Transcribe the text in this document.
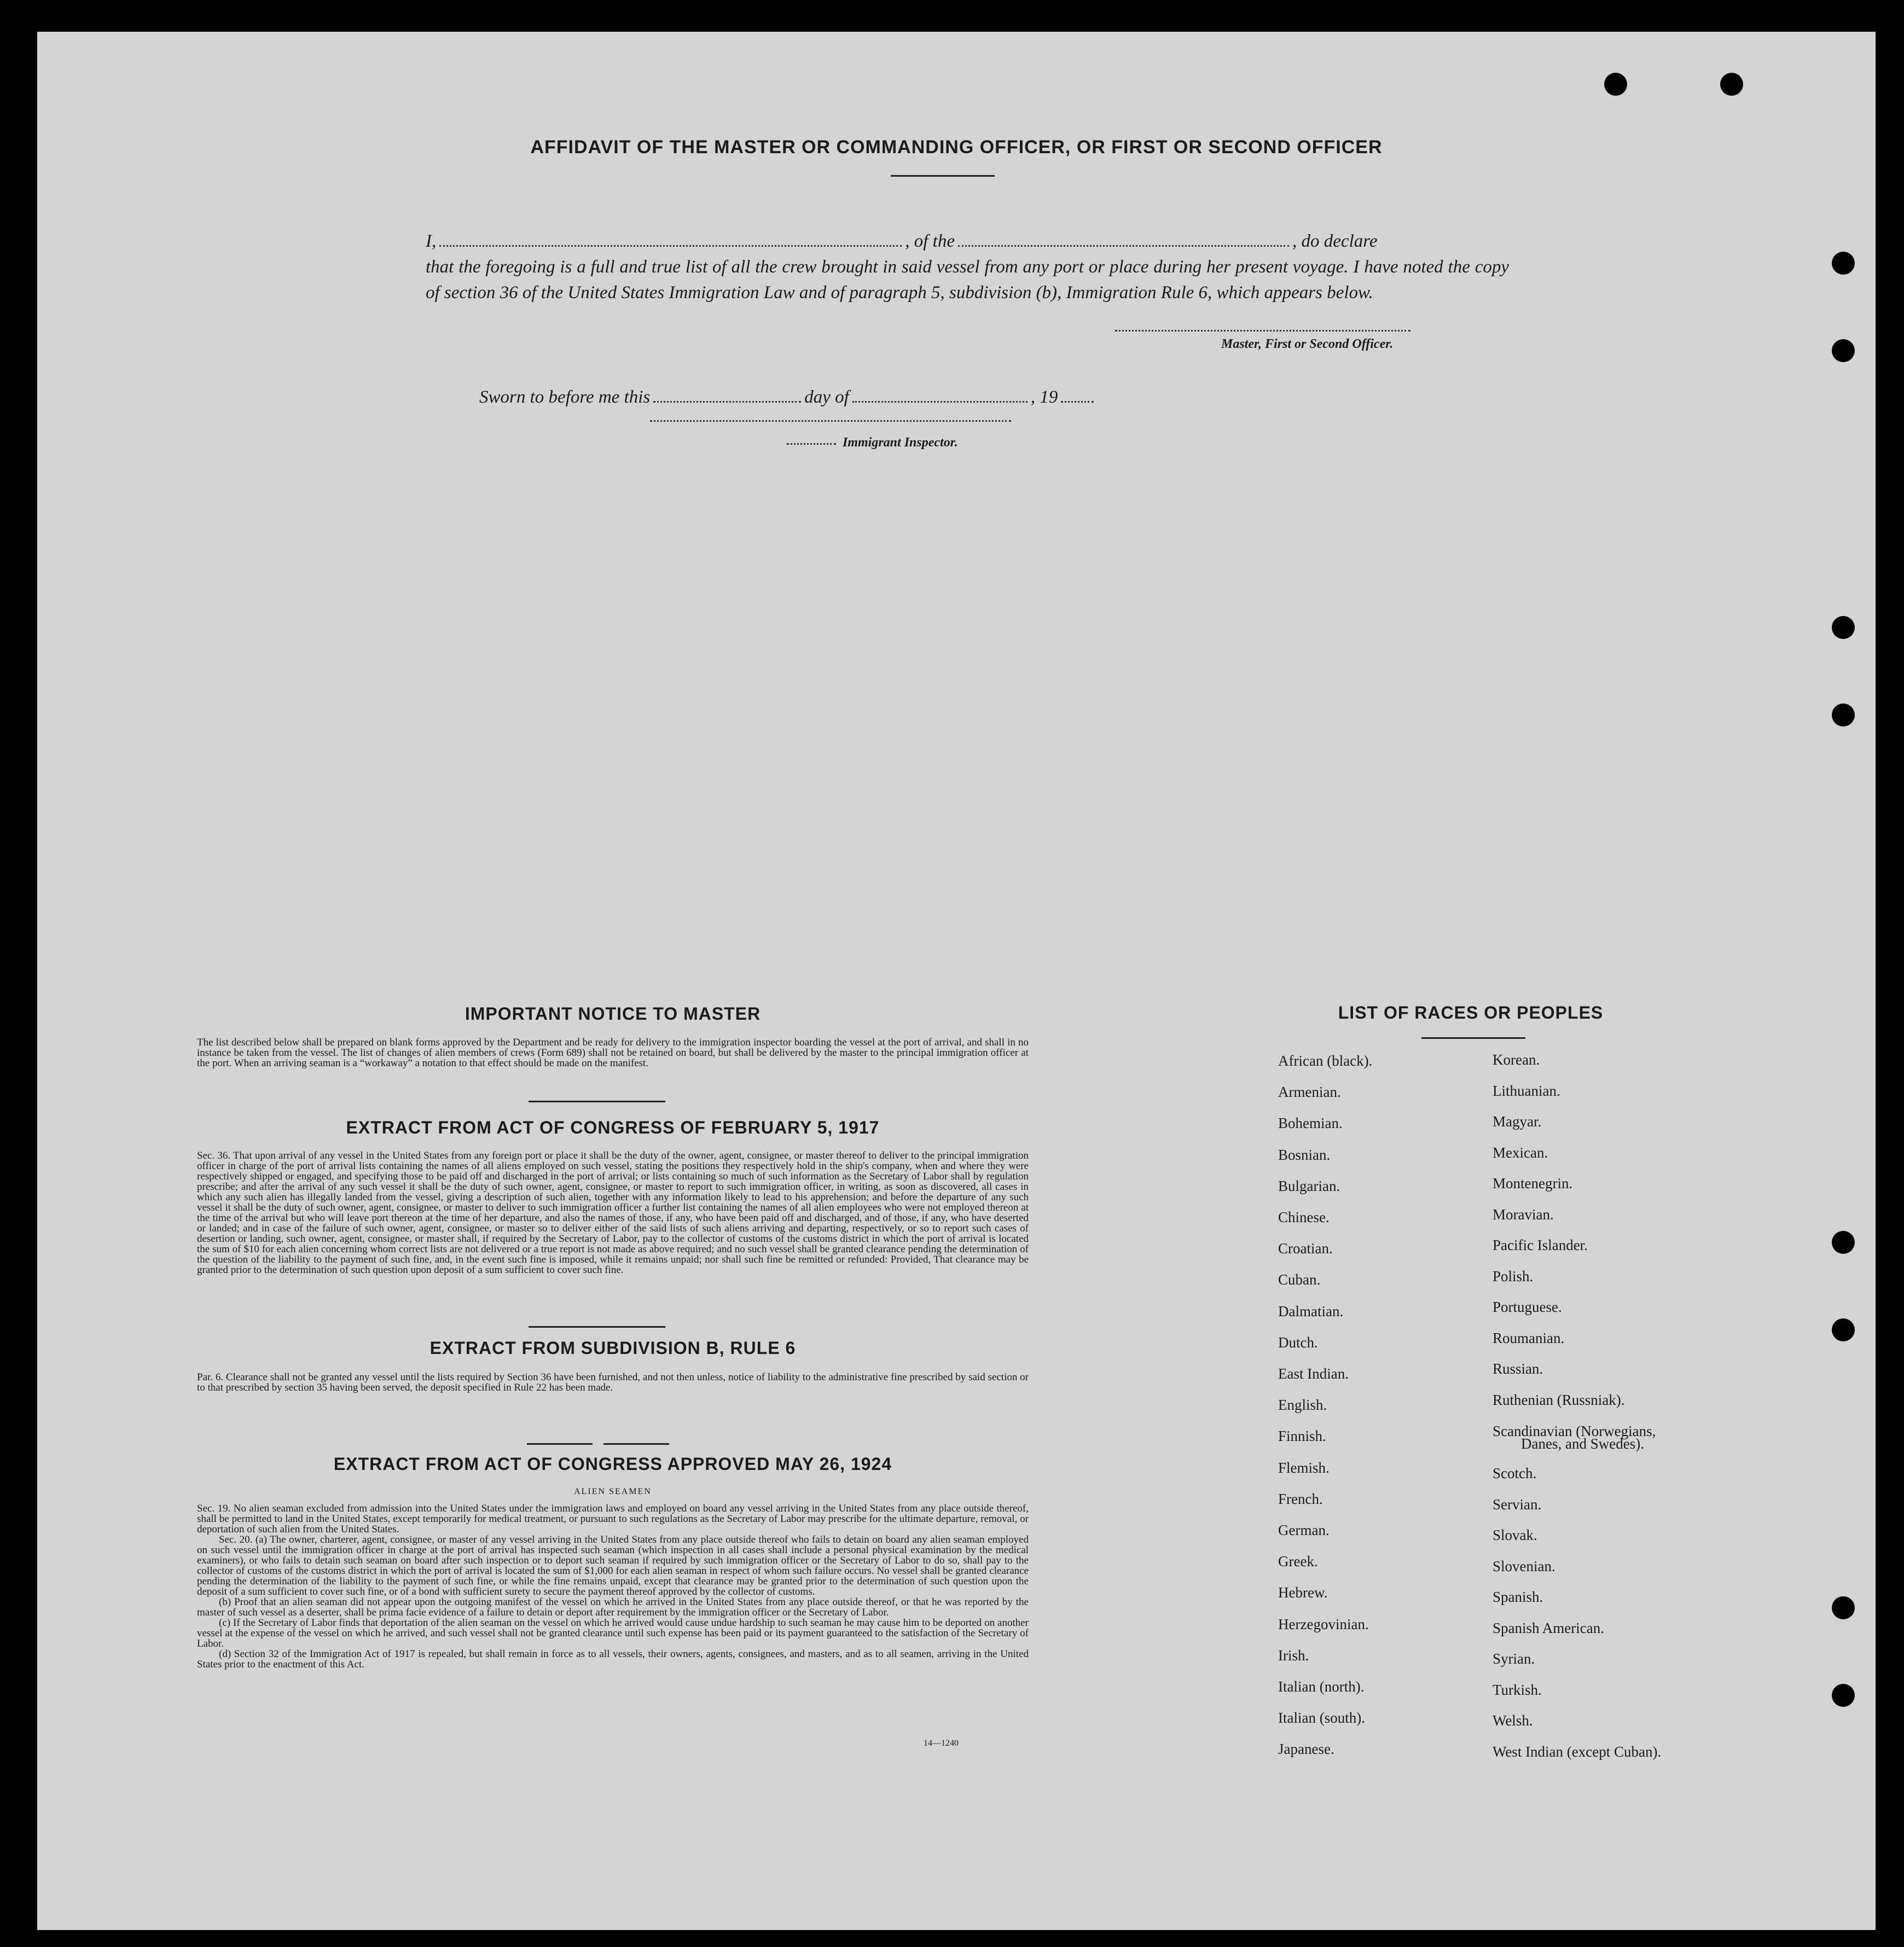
AFFIDAVIT OF THE MASTER OR COMMANDING OFFICER, OR FIRST OR SECOND OFFICER
I,	, of the	, do declare
that the foregoing is a full and true list of all the crew brought in said vessel from any port or place during her present voyage. I have noted the copy of section 36 of the United States Immigration Law and of paragraph 5, subdivision (b), Immigration Rule 6, which appears below.
Master, First or Second Officer.
Sworn to before me this	day of	, 19
Immigrant Inspector.
IMPORTANT NOTICE TO MASTER
The list described below shall be prepared on blank forms approved by the Department and be ready for delivery to the immigration inspector boarding the vessel at the port of arrival, and shall in no instance be taken from the vessel. The list of changes of alien members of crews (Form 689) shall not be retained on board, but shall be delivered by the master to the principal immigration officer at the port. When an arriving seaman is a “workaway” a notation to that effect should be made on the manifest.
EXTRACT FROM ACT OF CONGRESS OF FEBRUARY 5, 1917
Sec. 36. That upon arrival of any vessel in the United States from any foreign port or place it shall be the duty of the owner, agent, consignee, or master thereof to deliver to the principal immigration officer in charge of the port of arrival lists containing the names of all aliens employed on such vessel, stating the positions they respectively hold in the ship's company, when and where they were respectively shipped or engaged, and specifying those to be paid off and discharged in the port of arrival; or lists containing so much of such information as the Secretary of Labor shall by regulation prescribe; and after the arrival of any such vessel it shall be the duty of such owner, agent, consignee, or master to report to such immigration officer, in writing, as soon as discovered, all cases in which any such alien has illegally landed from the vessel, giving a description of such alien, together with any information likely to lead to his apprehension; and before the departure of any such vessel it shall be the duty of such owner, agent, consignee, or master to deliver to such immigration officer a further list containing the names of all alien employees who were not employed thereon at the time of the arrival but who will leave port thereon at the time of her departure, and also the names of those, if any, who have been paid off and discharged, and of those, if any, who have deserted or landed; and in case of the failure of such owner, agent, consignee, or master so to deliver either of the said lists of such aliens arriving and departing, respectively, or so to report such cases of desertion or landing, such owner, agent, consignee, or master shall, if required by the Secretary of Labor, pay to the collector of customs of the customs district in which the port of arrival is located the sum of $10 for each alien concerning whom correct lists are not delivered or a true report is not made as above required; and no such vessel shall be granted clearance pending the determination of the question of the liability to the payment of such fine, and, in the event such fine is imposed, while it remains unpaid; nor shall such fine be remitted or refunded: Provided, That clearance may be granted prior to the determination of such question upon deposit of a sum sufficient to cover such fine.
EXTRACT FROM SUBDIVISION B, RULE 6
Par. 6. Clearance shall not be granted any vessel until the lists required by Section 36 have been furnished, and not then unless, notice of liability to the administrative fine prescribed by said section or to that prescribed by section 35 having been served, the deposit specified in Rule 22 has been made.
EXTRACT FROM ACT OF CONGRESS APPROVED MAY 26, 1924
ALIEN SEAMEN
Sec. 19. No alien seaman excluded from admission into the United States under the immigration laws and employed on board any vessel arriving in the United States from any place outside thereof, shall be permitted to land in the United States, except temporarily for medical treatment, or pursuant to such regulations as the Secretary of Labor may prescribe for the ultimate departure, removal, or deportation of such alien from the United States.
Sec. 20. (a) The owner, charterer, agent, consignee, or master of any vessel arriving in the United States from any place outside thereof who fails to detain on board any alien seaman employed on such vessel until the immigration officer in charge at the port of arrival has inspected such seaman (which inspection in all cases shall include a personal physical examination by the medical examiners), or who fails to detain such seaman on board after such inspection or to deport such seaman if required by such immigration officer or the Secretary of Labor to do so, shall pay to the collector of customs of the customs district in which the port of arrival is located the sum of $1,000 for each alien seaman in respect of whom such failure occurs. No vessel shall be granted clearance pending the determination of the liability to the payment of such fine, or while the fine remains unpaid, except that clearance may be granted prior to the determination of such question upon the deposit of a sum sufficient to cover such fine, or of a bond with sufficient surety to secure the payment thereof approved by the collector of customs.
(b) Proof that an alien seaman did not appear upon the outgoing manifest of the vessel on which he arrived in the United States from any place outside thereof, or that he was reported by the master of such vessel as a deserter, shall be prima facie evidence of a failure to detain or deport after requirement by the immigration officer or the Secretary of Labor.
(c) If the Secretary of Labor finds that deportation of the alien seaman on the vessel on which he arrived would cause undue hardship to such seaman he may cause him to be deported on another vessel at the expense of the vessel on which he arrived, and such vessel shall not be granted clearance until such expense has been paid or its payment guaranteed to the satisfaction of the Secretary of Labor.
(d) Section 32 of the Immigration Act of 1917 is repealed, but shall remain in force as to all vessels, their owners, agents, consignees, and masters, and as to all seamen, arriving in the United States prior to the enactment of this Act.
14—1240
LIST OF RACES OR PEOPLES
African (black).
Armenian.
Bohemian.
Bosnian.
Bulgarian.
Chinese.
Croatian.
Cuban.
Dalmatian.
Dutch.
East Indian.
English.
Finnish.
Flemish.
French.
German.
Greek.
Hebrew.
Herzegovinian.
Irish.
Italian (north).
Italian (south).
Japanese.
Korean.
Lithuanian.
Magyar.
Mexican.
Montenegrin.
Moravian.
Pacific Islander.
Polish.
Portuguese.
Roumanian.
Russian.
Ruthenian (Russniak).
Scandinavian (Norwegians,
Danes, and Swedes).
Scotch.
Servian.
Slovak.
Slovenian.
Spanish.
Spanish American.
Syrian.
Turkish.
Welsh.
West Indian (except Cuban).
